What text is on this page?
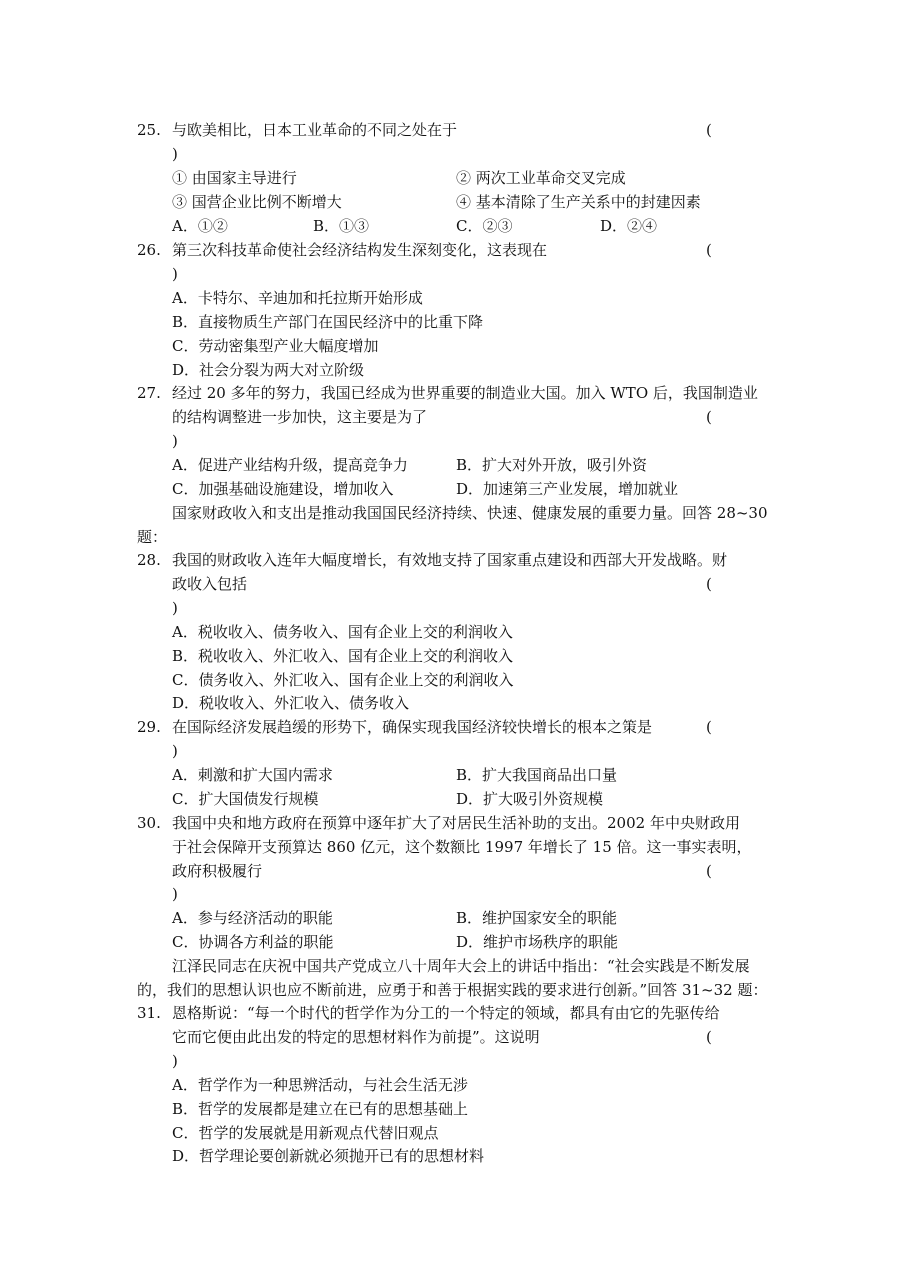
25. 与欧美相比，日本工业革命的不同之处在于	(
)
① 由国家主导进行	② 两次工业革命交叉完成
③ 国营企业比例不断增大	④ 基本清除了生产关系中的封建因素
A．①②	B．①③	C．②③	D．②④
26. 第三次科技革命使社会经济结构发生深刻变化，这表现在	(
)
A．卡特尔、辛迪加和托拉斯开始形成
B．直接物质生产部门在国民经济中的比重下降
C．劳动密集型产业大幅度增加
D．社会分裂为两大对立阶级
27. 经过 20 多年的努力，我国已经成为世界重要的制造业大国。加入 WTO 后，我国制造业
的结构调整进一步加快，这主要是为了	(
)
A．促进产业结构升级，提高竞争力	B．扩大对外开放，吸引外资
C．加强基础设施建设，增加收入	D．加速第三产业发展，增加就业
国家财政收入和支出是推动我国国民经济持续、快速、健康发展的重要力量。回答 28~30
题：
28. 我国的财政收入连年大幅度增长，有效地支持了国家重点建设和西部大开发战略。财
政收入包括	(
)
A．税收收入、债务收入、国有企业上交的利润收入
B．税收收入、外汇收入、国有企业上交的利润收入
C．债务收入、外汇收入、国有企业上交的利润收入
D．税收收入、外汇收入、债务收入
29. 在国际经济发展趋缓的形势下，确保实现我国经济较快增长的根本之策是	(
)
A．刺激和扩大国内需求	B．扩大我国商品出口量
C．扩大国债发行规模	D．扩大吸引外资规模
30. 我国中央和地方政府在预算中逐年扩大了对居民生活补助的支出。2002 年中央财政用
于社会保障开支预算达 860 亿元，这个数额比 1997 年增长了 15 倍。这一事实表明，
政府积极履行	(
)
A．参与经济活动的职能	B．维护国家安全的职能
C．协调各方利益的职能	D．维护市场秩序的职能
江泽民同志在庆祝中国共产党成立八十周年大会上的讲话中指出：“社会实践是不断发展
的，我们的思想认识也应不断前进，应勇于和善于根据实践的要求进行创新。”回答 31~32 题：
31. 恩格斯说：“每一个时代的哲学作为分工的一个特定的领域，都具有由它的先驱传给
它而它便由此出发的特定的思想材料作为前提”。这说明	(
)
A．哲学作为一种思辨活动，与社会生活无涉
B．哲学的发展都是建立在已有的思想基础上
C．哲学的发展就是用新观点代替旧观点
D．哲学理论要创新就必须抛开已有的思想材料
